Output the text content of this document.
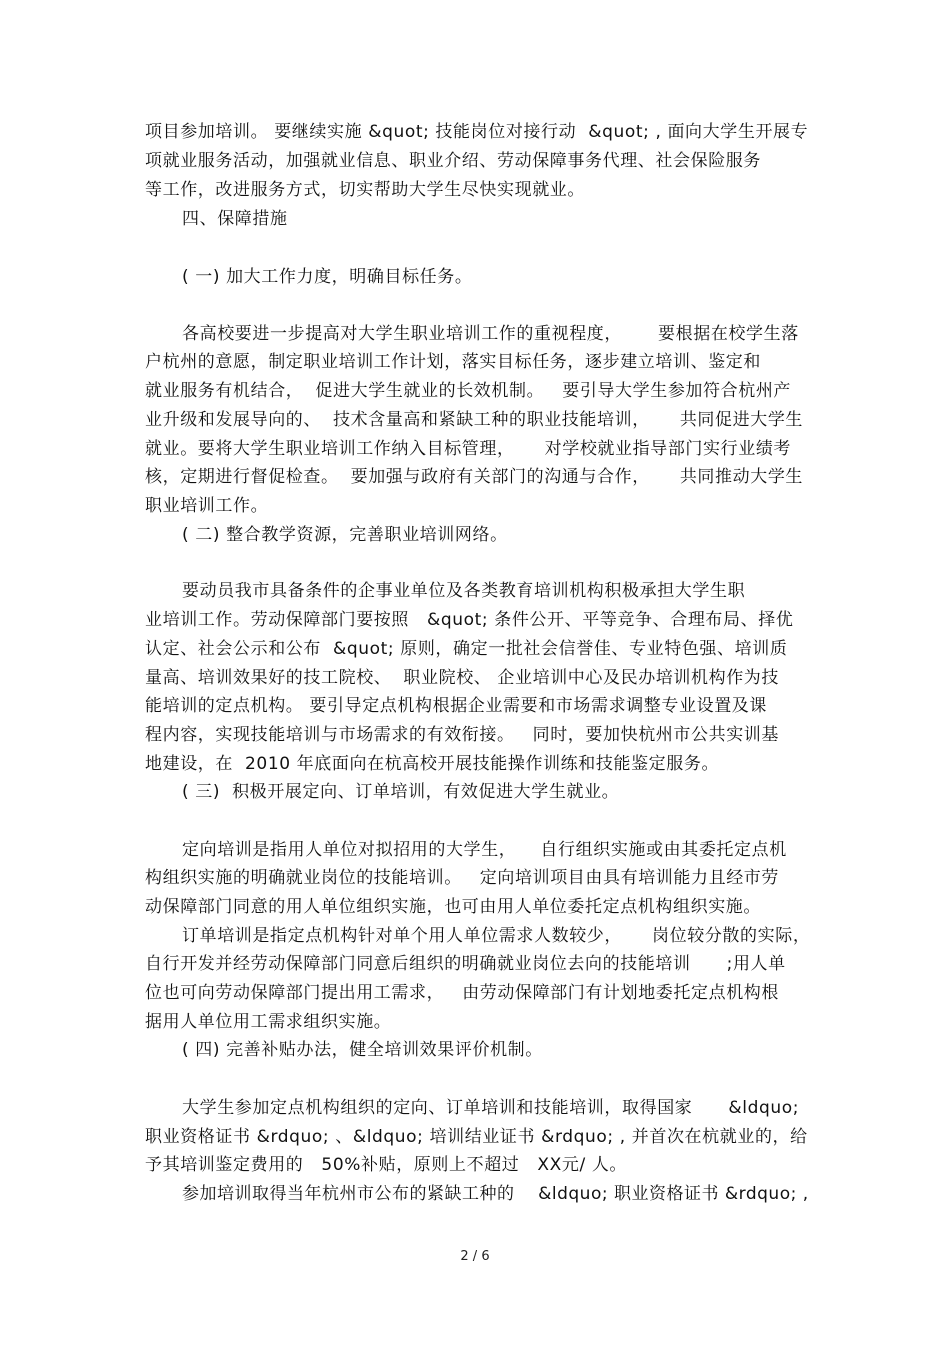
项目参加培训。 要继续实施 &quot; 技能岗位对接行动  &quot; , 面向大学生开展专
项就业服务活动，加强就业信息、职业介绍、劳动保障事务代理、社会保险服务
等工作，改进服务方式，切实帮助大学生尽快实现就业。
四、保障措施
( 一) 加大工作力度，明确目标任务。
各高校要进一步提高对大学生职业培训工作的重视程度，      要根据在校学生落
户杭州的意愿，制定职业培训工作计划，落实目标任务，逐步建立培训、鉴定和
就业服务有机结合，  促进大学生就业的长效机制。   要引导大学生参加符合杭州产
业升级和发展导向的、  技术含量高和紧缺工种的职业技能培训，     共同促进大学生
就业。要将大学生职业培训工作纳入目标管理，     对学校就业指导部门实行业绩考
核，定期进行督促检查。  要加强与政府有关部门的沟通与合作，     共同推动大学生
职业培训工作。
( 二) 整合教学资源，完善职业培训网络。
要动员我市具备条件的企事业单位及各类教育培训机构积极承担大学生职
业培训工作。劳动保障部门要按照   &quot; 条件公开、平等竞争、合理布局、择优
认定、社会公示和公布  &quot; 原则，确定一批社会信誉佳、专业特色强、培训质
量高、培训效果好的技工院校、  职业院校、 企业培训中心及民办培训机构作为技
能培训的定点机构。 要引导定点机构根据企业需要和市场需求调整专业设置及课
程内容，实现技能培训与市场需求的有效衔接。   同时，要加快杭州市公共实训基
地建设，在  2010 年底面向在杭高校开展技能操作训练和技能鉴定服务。
( 三)  积极开展定向、订单培训，有效促进大学生就业。
定向培训是指用人单位对拟招用的大学生，    自行组织实施或由其委托定点机
构组织实施的明确就业岗位的技能培训。   定向培训项目由具有培训能力且经市劳
动保障部门同意的用人单位组织实施，也可由用人单位委托定点机构组织实施。
订单培训是指定点机构针对单个用人单位需求人数较少，     岗位较分散的实际，
自行开发并经劳动保障部门同意后组织的明确就业岗位去向的技能培训      ;用人单
位也可向劳动保障部门提出用工需求，   由劳动保障部门有计划地委托定点机构根
据用人单位用工需求组织实施。
( 四) 完善补贴办法，健全培训效果评价机制。
大学生参加定点机构组织的定向、订单培训和技能培训，取得国家      &ldquo;
职业资格证书 &rdquo; 、&ldquo; 培训结业证书 &rdquo; , 并首次在杭就业的，给
予其培训鉴定费用的   50%补贴，原则上不超过   XX元/ 人。
参加培训取得当年杭州市公布的紧缺工种的    &ldquo; 职业资格证书 &rdquo; ,
2 / 6
